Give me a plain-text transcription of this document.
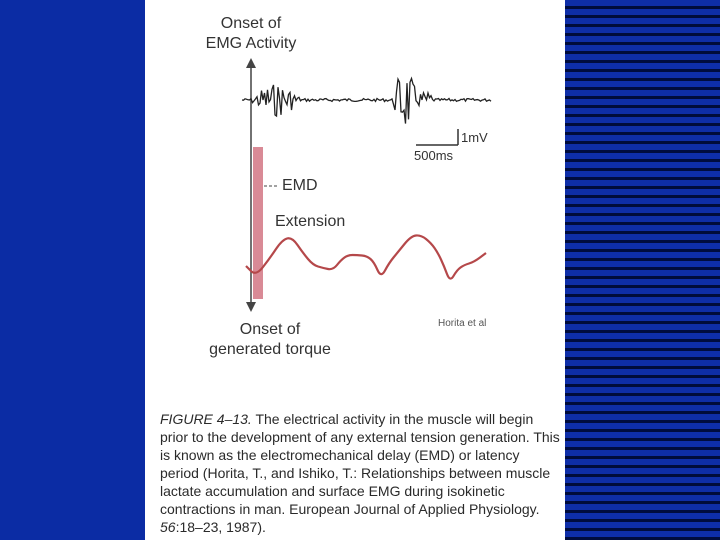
Onset of
EMG Activity
1mV
500ms
EMD
Extension
Onset of
generated torque
Horita et al
FIGURE 4–13. The electrical activity in the muscle will begin prior to the development of any external tension generation. This is known as the electromechanical delay (EMD) or latency period (Horita, T., and Ishiko, T.: Relationships between muscle lactate accumulation and surface EMG during isokinetic contractions in man. European Journal of Applied Physiology. 56:18–23, 1987).
